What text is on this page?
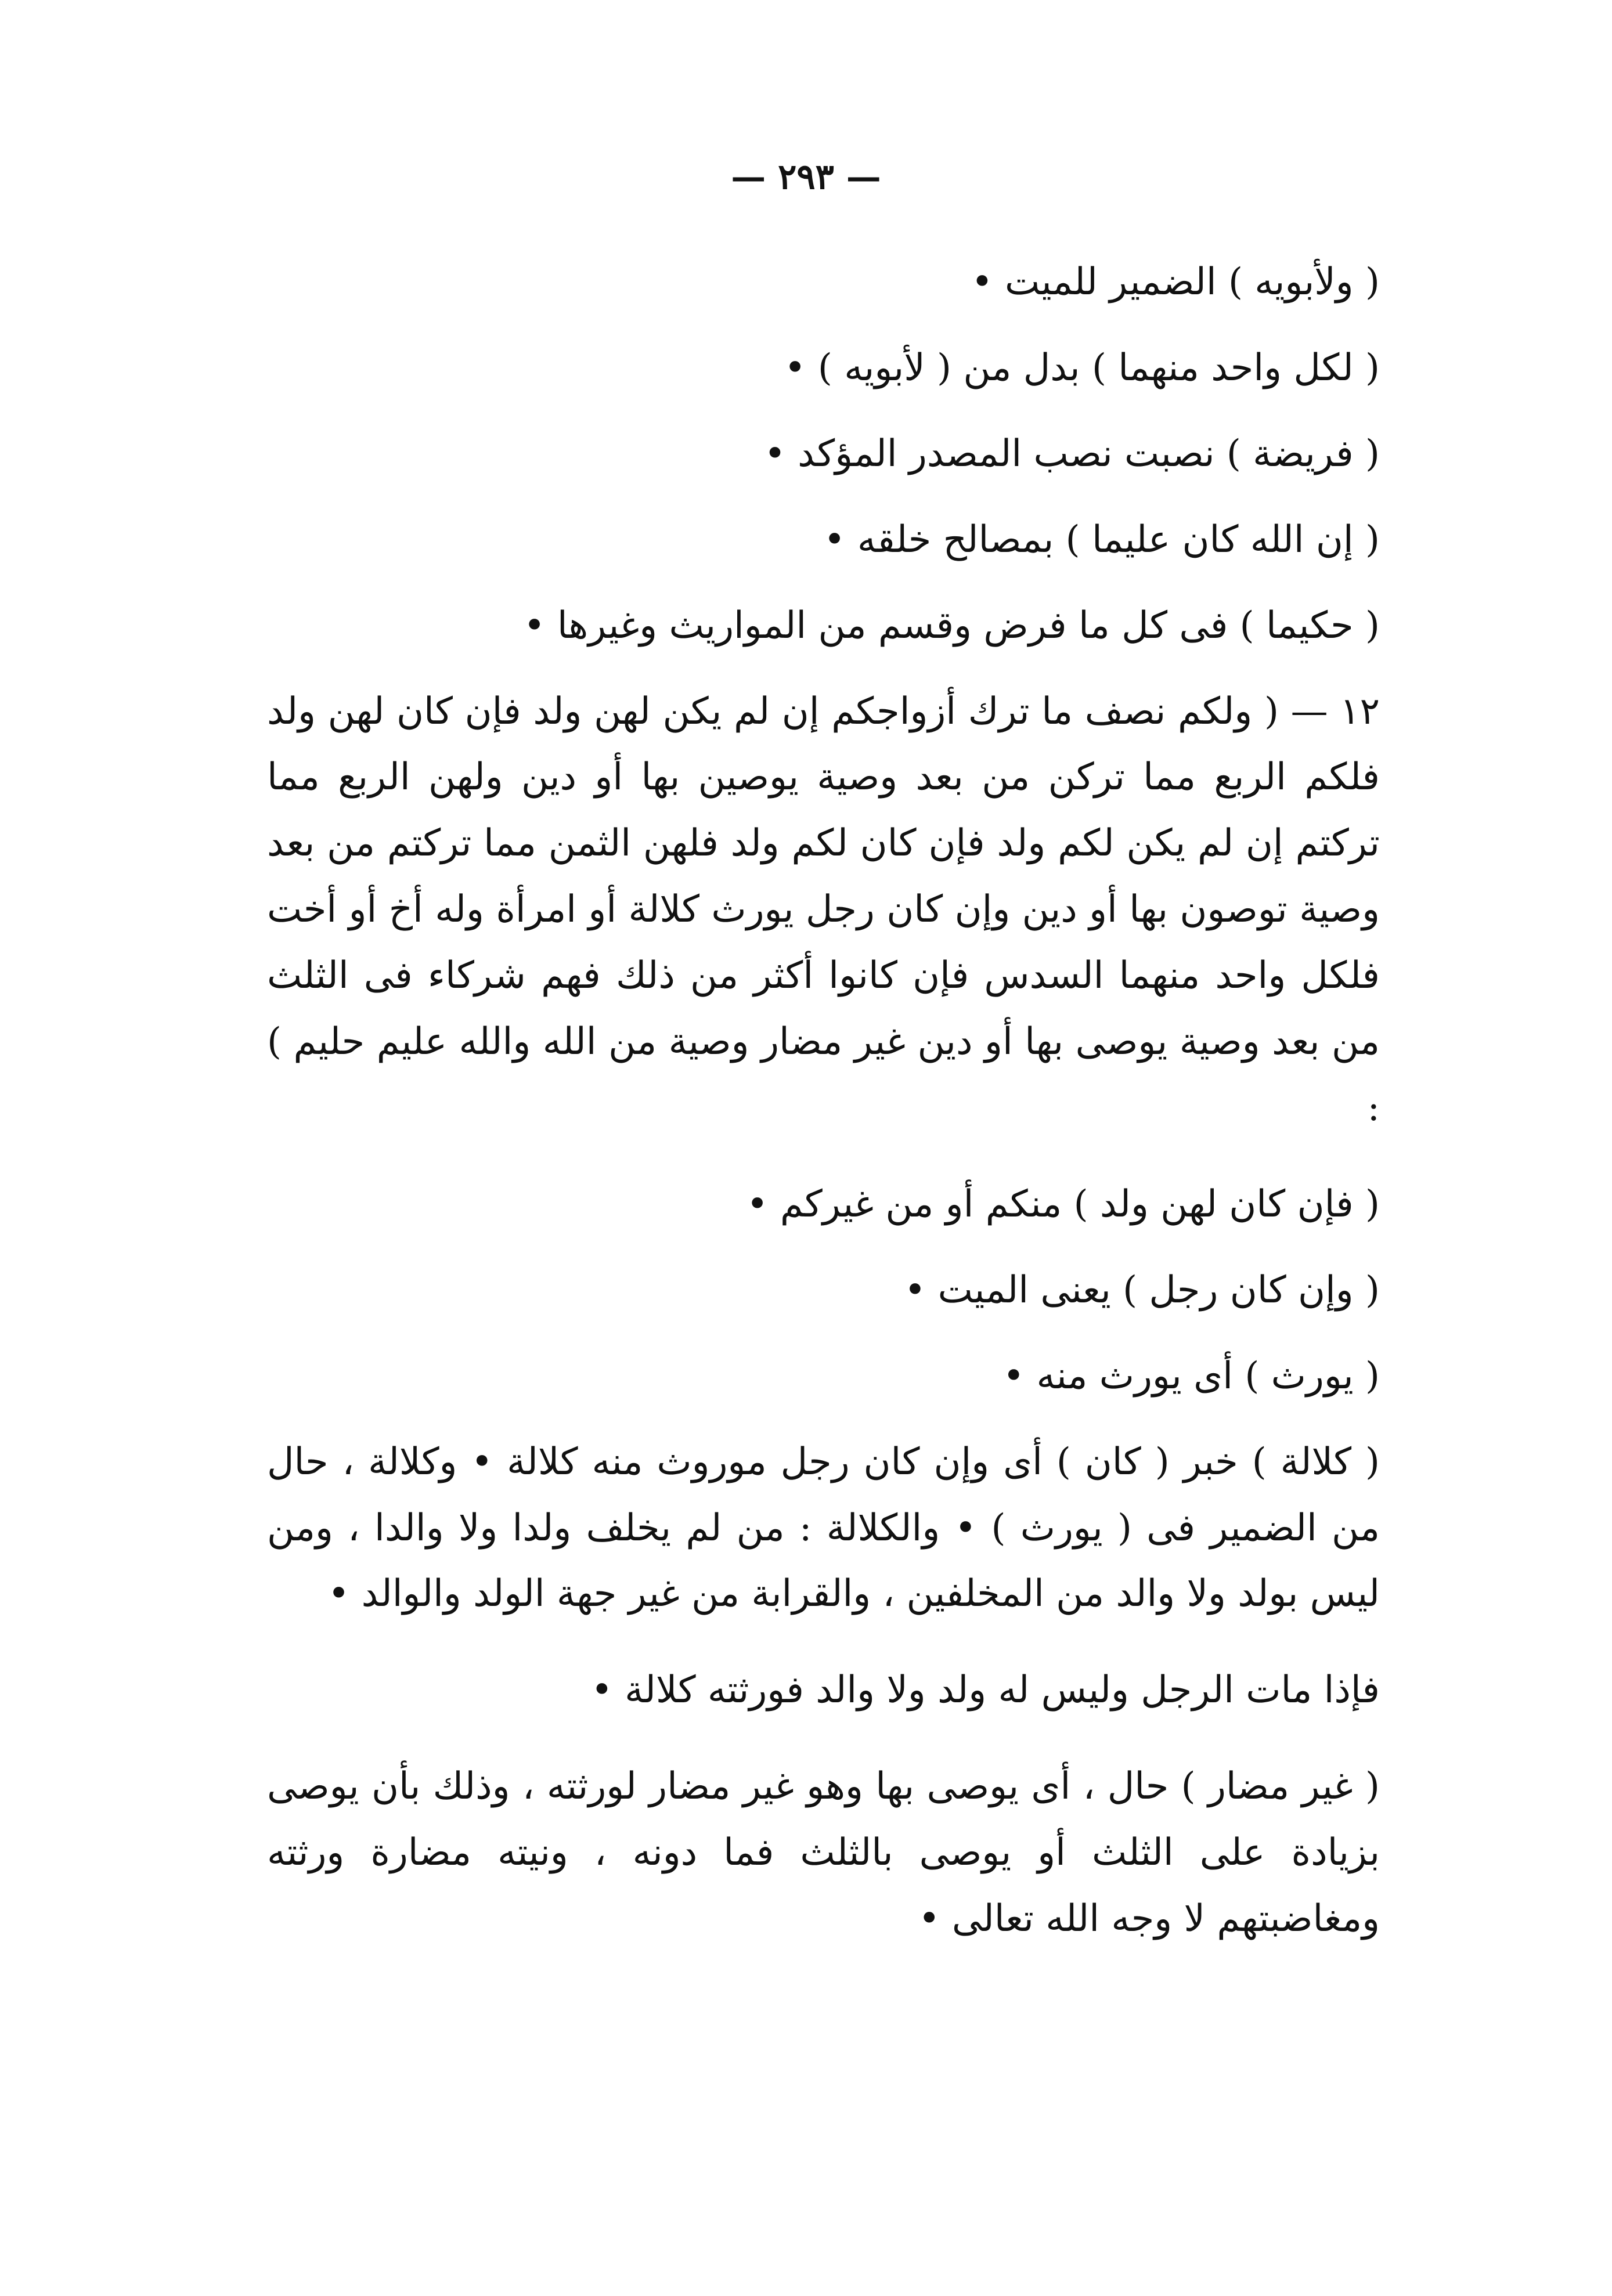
— ٢٩٣ —
( ولأبويه ) الضمير للميت •
( لكل واحد منهما ) بدل من ( لأبويه ) •
( فريضة ) نصبت نصب المصدر المؤكد •
( إن الله كان عليما ) بمصالح خلقه •
( حكيما ) فى كل ما فرض وقسم من المواريث وغيرها •

١٢ — ( ولكم نصف ما ترك أزواجكم إن لم يكن لهن ولد فإن كان لهن ولد فلكم الربع مما تركن من بعد وصية يوصين بها أو دين ولهن الربع مما تركتم إن لم يكن لكم ولد فإن كان لكم ولد فلهن الثمن مما تركتم من بعد وصية توصون بها أو دين وإن كان رجل يورث كلالة أو امرأة وله أخ أو أخت فلكل واحد منهما السدس فإن كانوا أكثر من ذلك فهم شركاء فى الثلث من بعد وصية يوصى بها أو دين غير مضار وصية من الله والله عليم حليم ) :

( فإن كان لهن ولد ) منكم أو من غيركم •
( وإن كان رجل ) يعنى الميت •
( يورث ) أى يورث منه •

( كلالة ) خبر ( كان ) أى وإن كان رجل موروث منه كلالة • وكلالة ، حال من الضمير فى ( يورث ) • والكلالة : من لم يخلف ولدا ولا والدا ، ومن ليس بولد ولا والد من المخلفين ، والقرابة من غير جهة الولد والوالد •

فإذا مات الرجل وليس له ولد ولا والد فورثته كلالة •

( غير مضار ) حال ، أى يوصى بها وهو غير مضار لورثته ، وذلك بأن يوصى بزيادة على الثلث أو يوصى بالثلث فما دونه ، ونيته مضارة ورثته ومغاضبتهم لا وجه الله تعالى •
